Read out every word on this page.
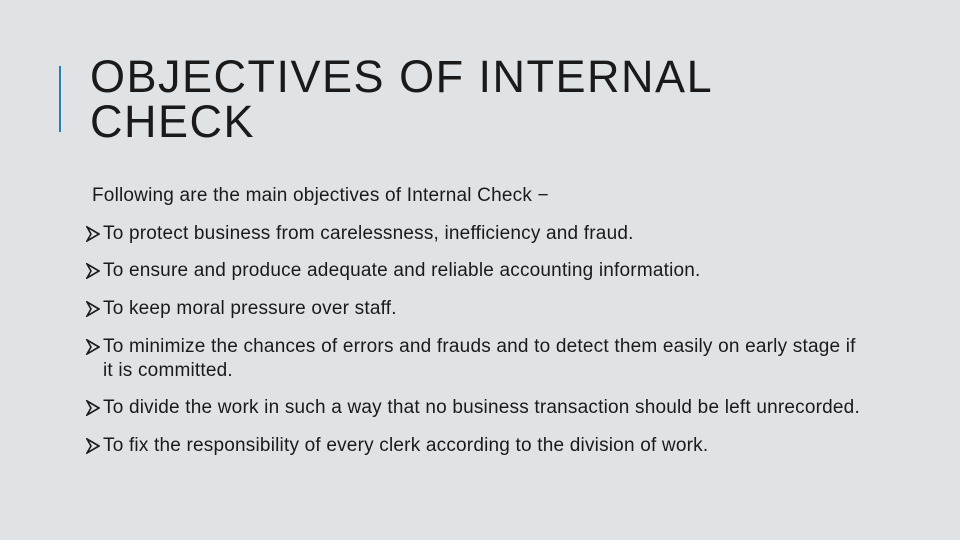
OBJECTIVES OF INTERNAL
CHECK

Following are the main objectives of Internal Check −

To protect business from carelessness, inefficiency and fraud.
To ensure and produce adequate and reliable accounting information.
To keep moral pressure over staff.
To minimize the chances of errors and frauds and to detect them easily on early stage if it is committed.
To divide the work in such a way that no business transaction should be left unrecorded.
To fix the responsibility of every clerk according to the division of work.
